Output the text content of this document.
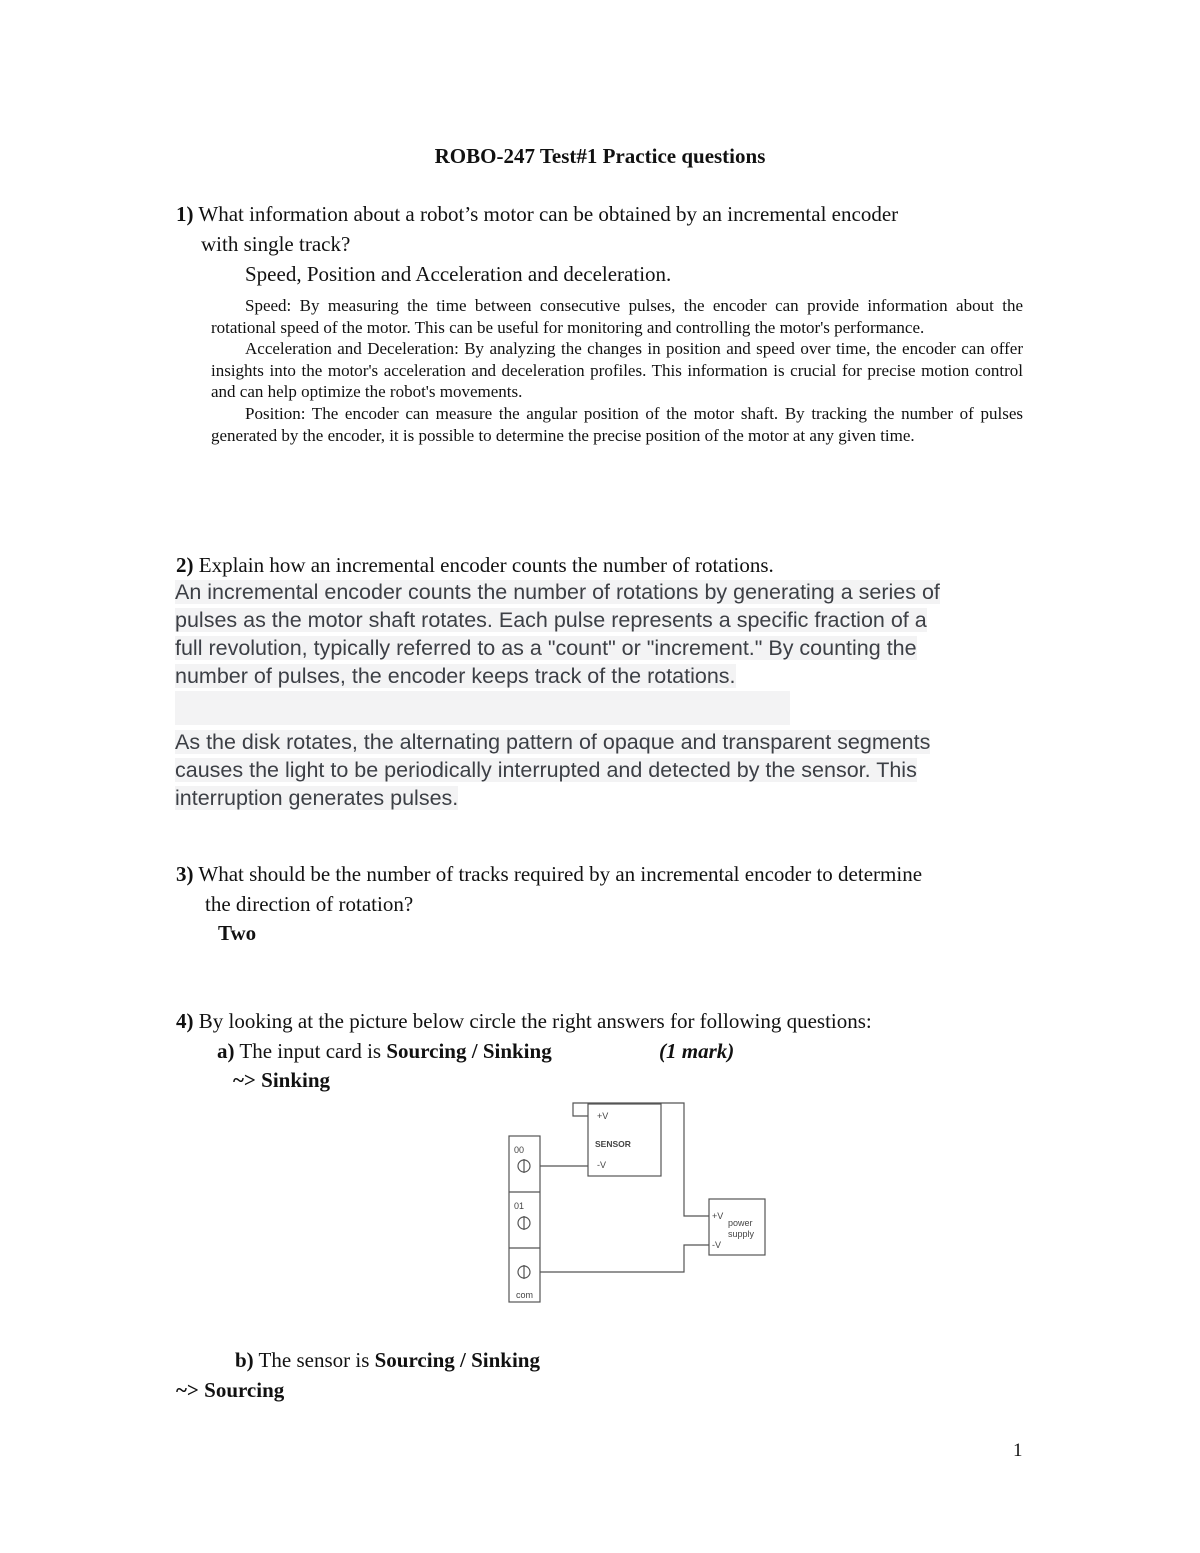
ROBO-247 Test#1 Practice questions
1) What information about a robot’s motor can be obtained by an incremental encoder
with single track?
Speed, Position and Acceleration and deceleration.
Speed: By measuring the time between consecutive pulses, the encoder can provide information about the rotational speed of the motor. This can be useful for monitoring and controlling the motor's performance.
Acceleration and Deceleration: By analyzing the changes in position and speed over time, the encoder can offer insights into the motor's acceleration and deceleration profiles. This information is crucial for precise motion control and can help optimize the robot's movements.
Position: The encoder can measure the angular position of the motor shaft. By tracking the number of pulses generated by the encoder, it is possible to determine the precise position of the motor at any given time.
2) Explain how an incremental encoder counts the number of rotations.
An incremental encoder counts the number of rotations by generating a series of
pulses as the motor shaft rotates. Each pulse represents a specific fraction of a
full revolution, typically referred to as a "count" or "increment." By counting the
number of pulses, the encoder keeps track of the rotations.
As the disk rotates, the alternating pattern of opaque and transparent segments
causes the light to be periodically interrupted and detected by the sensor. This
interruption generates pulses.
3) What should be the number of tracks required by an incremental encoder to determine
the direction of rotation?
Two
4) By looking at the picture below circle the right answers for following questions:
a) The input card is Sourcing / Sinking	(1 mark)
~> Sinking
00
01
com
+V
SENSOR
-V
+V
power
supply
-V
b) The sensor is Sourcing / Sinking
~> Sourcing
1
